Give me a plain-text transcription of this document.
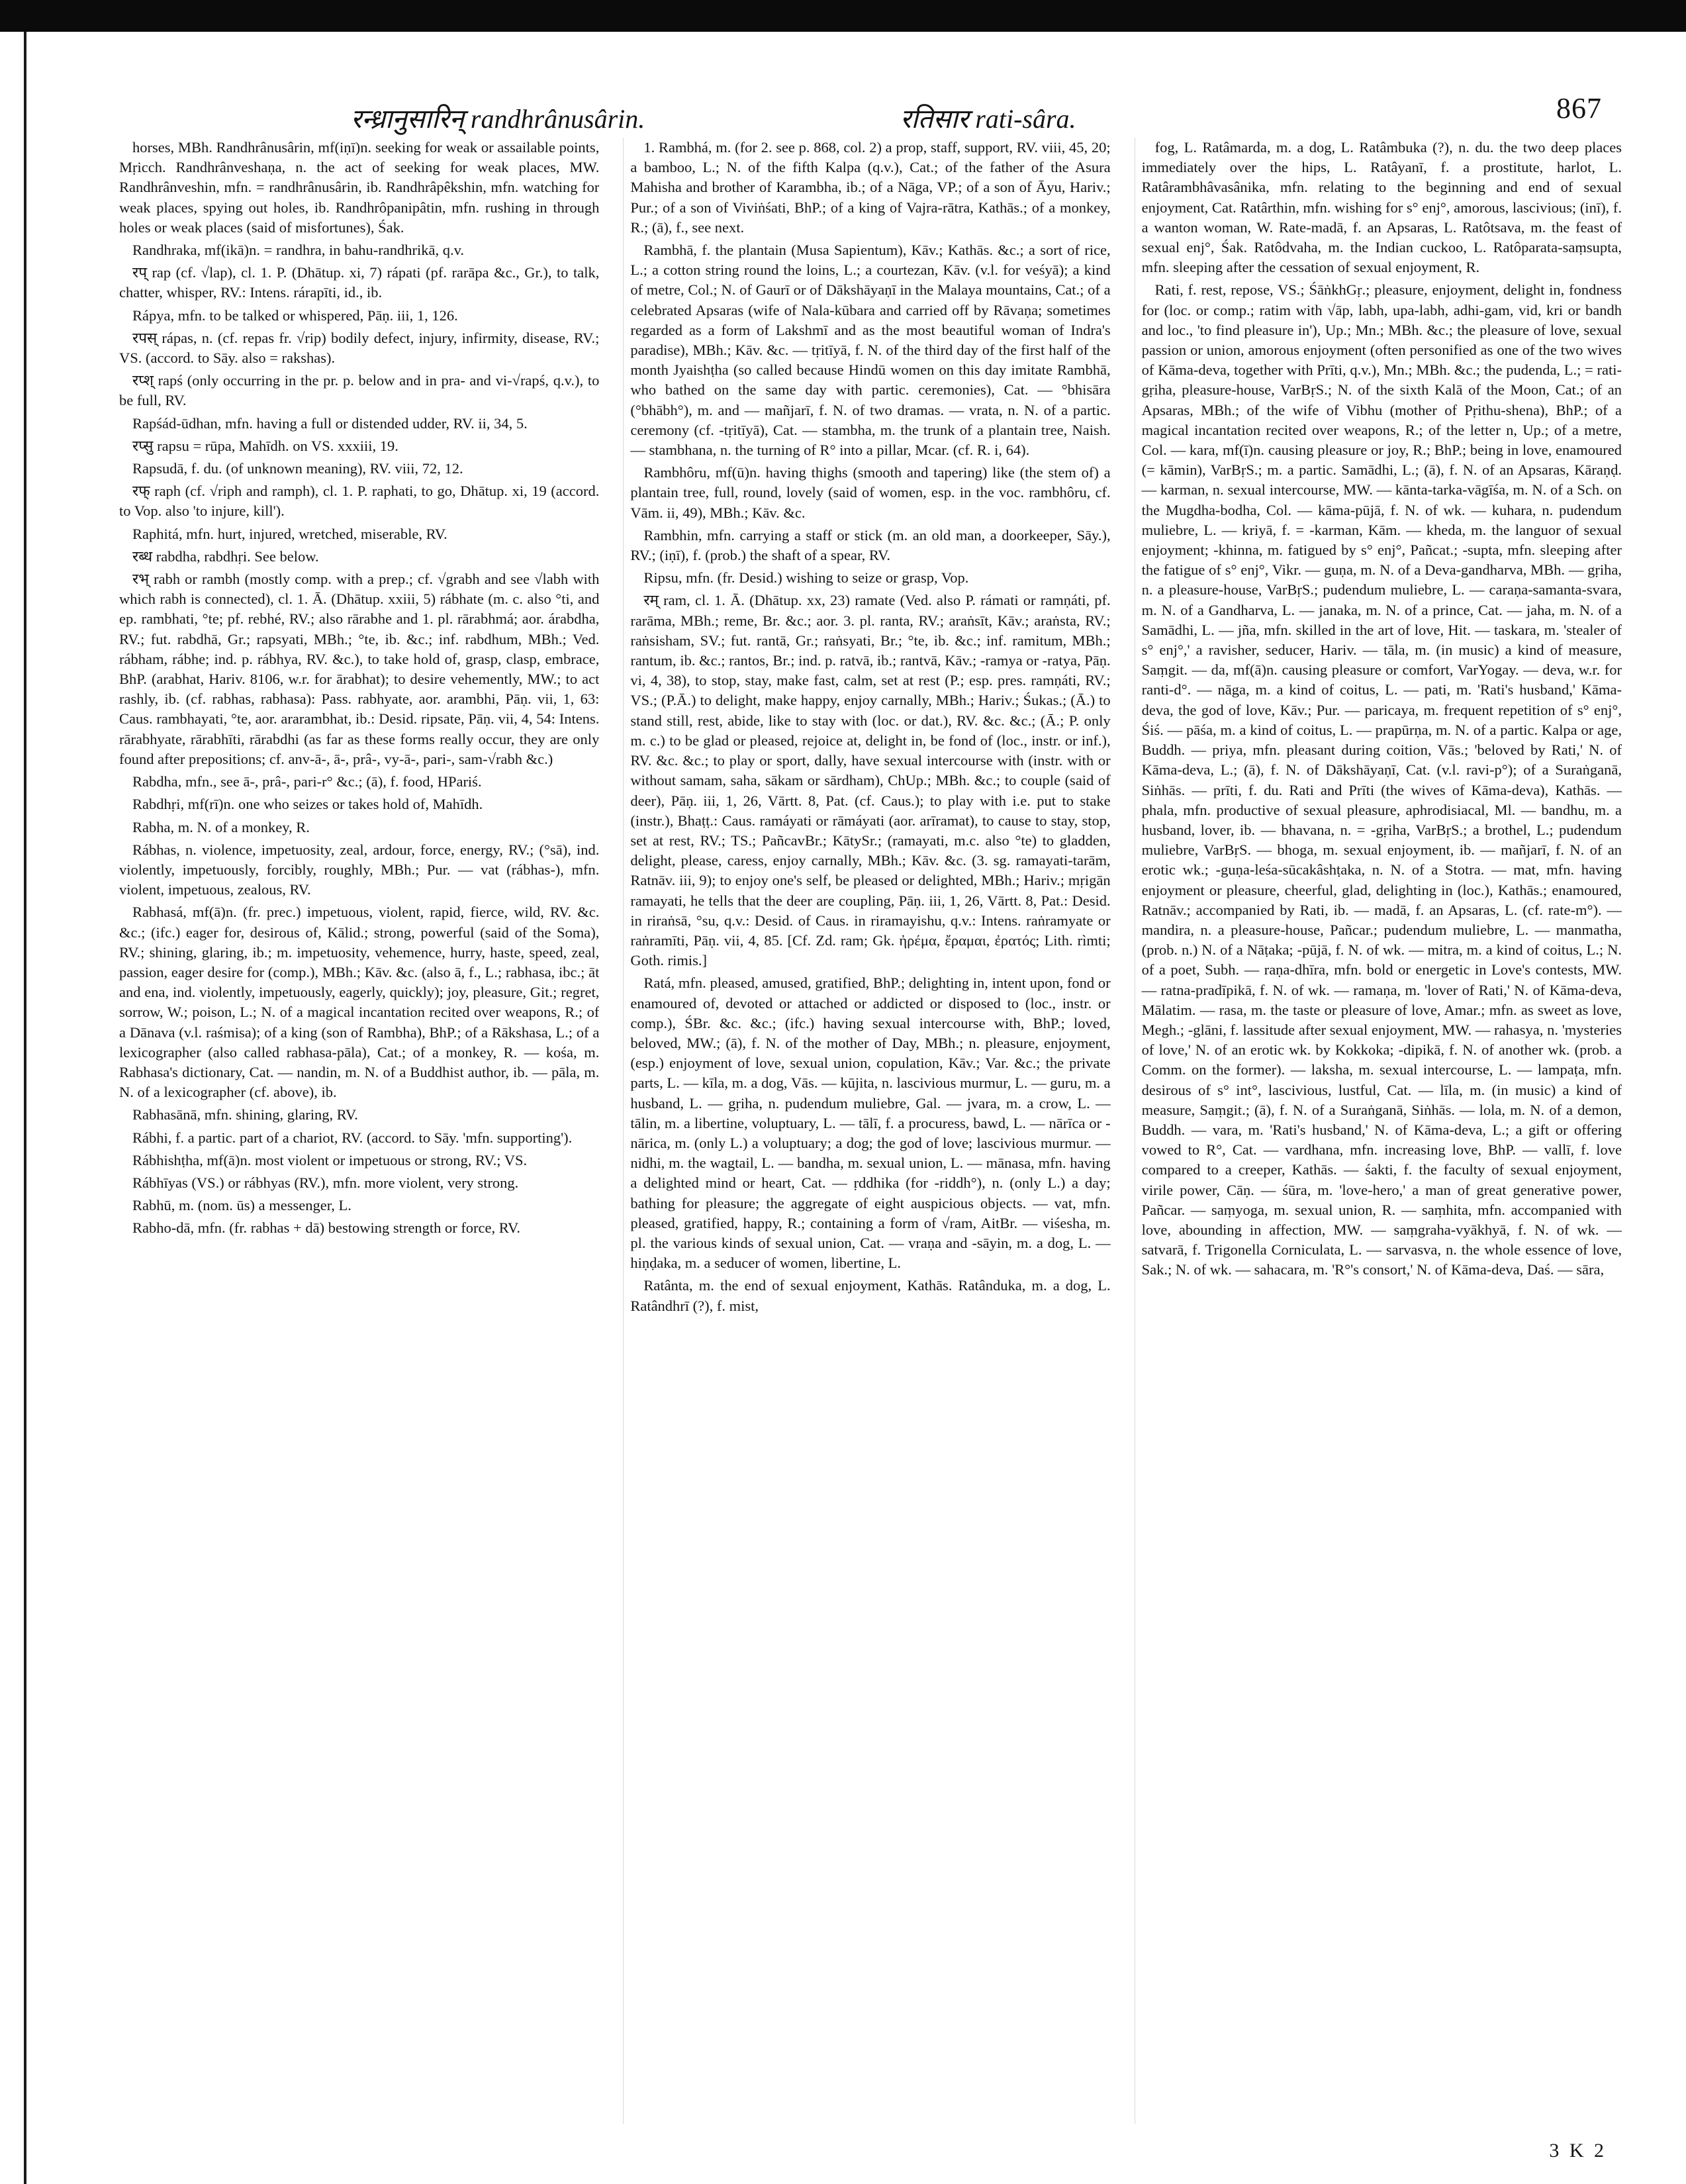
रन्ध्रानुसारिन् randhrânusârin.	रतिसार rati-sâra.	867

horses, MBh. Randhrânusârin, mf(iṇī)n. seeking for weak or assailable points, Mṛicch. Randhrânveshaṇa, n. the act of seeking for weak places, MW. Randhrânveshin, mfn. = randhrânusârin, ib. Randhrâpêkshin, mfn. watching for weak places, spying out holes, ib. Randhrôpanipâtin, mfn. rushing in through holes or weak places (said of misfortunes), Śak.

Randhraka, mf(ikā)n. = randhra, in bahu-randhrikā, q.v.

रप् rap (cf. √lap), cl. 1. P. (Dhātup. xi, 7) rápati (pf. rarāpa &c., Gr.), to talk, chatter, whisper, RV.: Intens. rárapīti, id., ib.

Rápya, mfn. to be talked or whispered, Pāṇ. iii, 1, 126.

रपस् rápas, n. (cf. repas fr. √rip) bodily defect, injury, infirmity, disease, RV.; VS. (accord. to Sāy. also = rakshas).

रप्श् rapś (only occurring in the pr. p. below and in pra- and vi-√rapś, q.v.), to be full, RV.

Rapśád-ūdhan, mfn. having a full or distended udder, RV. ii, 34, 5.

रप्सु rapsu = rūpa, Mahīdh. on VS. xxxiii, 19.

Rapsudā, f. du. (of unknown meaning), RV. viii, 72, 12.

रफ् raph (cf. √riph and ramph), cl. 1. P. raphati, to go, Dhātup. xi, 19 (accord. to Vop. also 'to injure, kill').

Raphitá, mfn. hurt, injured, wretched, miserable, RV.

रब्ध rabdha, rabdhṛi. See below.

रभ् rabh or rambh (mostly comp. with a prep.; cf. √grabh and see √labh with which rabh is connected), cl. 1. Ā. (Dhātup. xxiii, 5) rábhate (m. c. also °ti, and ep. rambhati, °te; pf. rebhé, RV.; also rārabhe and 1. pl. rārabhmá; aor. árabdha, RV.; fut. rabdhā, Gr.; rapsyati, MBh.; °te, ib. &c.; inf. rabdhum, MBh.; Ved. rábham, rábhe; ind. p. rábhya, RV. &c.), to take hold of, grasp, clasp, embrace, BhP. (arabhat, Hariv. 8106, w.r. for ārabhat); to desire vehemently, MW.; to act rashly, ib. (cf. rabhas, rabhasa): Pass. rabhyate, aor. arambhi, Pāṇ. vii, 1, 63: Caus. rambhayati, °te, aor. ararambhat, ib.: Desid. ripsate, Pāṇ. vii, 4, 54: Intens. rārabhyate, rārabhīti, rārabdhi (as far as these forms really occur, they are only found after prepositions; cf. anv-ā-, ā-, prâ-, vy-ā-, pari-, sam-√rabh &c.)

Rabdha, mfn., see ā-, prâ-, pari-r° &c.; (ā), f. food, HPariś.

Rabdhṛi, mf(rī)n. one who seizes or takes hold of, Mahīdh.

Rabha, m. N. of a monkey, R.

Rábhas, n. violence, impetuosity, zeal, ardour, force, energy, RV.; (°sā), ind. violently, impetuously, forcibly, roughly, MBh.; Pur. — vat (rábhas-), mfn. violent, impetuous, zealous, RV.

Rabhasá, mf(ā)n. (fr. prec.) impetuous, violent, rapid, fierce, wild, RV. &c. &c.; (ifc.) eager for, desirous of, Kālid.; strong, powerful (said of the Soma), RV.; shining, glaring, ib.; m. impetuosity, vehemence, hurry, haste, speed, zeal, passion, eager desire for (comp.), MBh.; Kāv. &c. (also ā, f., L.; rabhasa, ibc.; āt and ena, ind. violently, impetuously, eagerly, quickly); joy, pleasure, Git.; regret, sorrow, W.; poison, L.; N. of a magical incantation recited over weapons, R.; of a Dānava (v.l. raśmisa); of a king (son of Rambha), BhP.; of a Rākshasa, L.; of a lexicographer (also called rabhasa-pāla), Cat.; of a monkey, R. — kośa, m. Rabhasa's dictionary, Cat. — nandin, m. N. of a Buddhist author, ib. — pāla, m. N. of a lexicographer (cf. above), ib.

Rabhasānā, mfn. shining, glaring, RV.

Rábhi, f. a partic. part of a chariot, RV. (accord. to Sāy. 'mfn. supporting').

Rábhishṭha, mf(ā)n. most violent or impetuous or strong, RV.; VS.

Rábhīyas (VS.) or rábhyas (RV.), mfn. more violent, very strong.

Rabhū, m. (nom. ūs) a messenger, L.

Rabho-dā, mfn. (fr. rabhas + dā) bestowing strength or force, RV.

1. Rambhá, m. (for 2. see p. 868, col. 2) a prop, staff, support, RV. viii, 45, 20; a bamboo, L.; N. of the fifth Kalpa (q.v.), Cat.; of the father of the Asura Mahisha and brother of Karambha, ib.; of a Nāga, VP.; of a son of Āyu, Hariv.; Pur.; of a son of Viviṅśati, BhP.; of a king of Vajra-rātra, Kathās.; of a monkey, R.; (ā), f., see next.

Rambhā, f. the plantain (Musa Sapientum), Kāv.; Kathās. &c.; a sort of rice, L.; a cotton string round the loins, L.; a courtezan, Kāv. (v.l. for veśyā); a kind of metre, Col.; N. of Gaurī or of Dākshāyaṇī in the Malaya mountains, Cat.; of a celebrated Apsaras (wife of Nala-kūbara and carried off by Rāvaṇa; sometimes regarded as a form of Lakshmī and as the most beautiful woman of Indra's paradise), MBh.; Kāv. &c. — tṛitīyā, f. N. of the third day of the first half of the month Jyaishṭha (so called because Hindū women on this day imitate Rambhā, who bathed on the same day with partic. ceremonies), Cat. — °bhisāra (°bhābh°), m. and — mañjarī, f. N. of two dramas. — vrata, n. N. of a partic. ceremony (cf. -tṛitīyā), Cat. — stambha, m. the trunk of a plantain tree, Naish. — stambhana, n. the turning of R° into a pillar, Mcar. (cf. R. i, 64).

Rambhôru, mf(ū)n. having thighs (smooth and tapering) like (the stem of) a plantain tree, full, round, lovely (said of women, esp. in the voc. rambhôru, cf. Vām. ii, 49), MBh.; Kāv. &c.

Rambhin, mfn. carrying a staff or stick (m. an old man, a doorkeeper, Sāy.), RV.; (iṇī), f. (prob.) the shaft of a spear, RV.

Ripsu, mfn. (fr. Desid.) wishing to seize or grasp, Vop.

रम् ram, cl. 1. Ā. (Dhātup. xx, 23) ramate (Ved. also P. rámati or ramṇáti, pf. rarāma, MBh.; reme, Br. &c.; aor. 3. pl. ranta, RV.; araṅsīt, Kāv.; araṅsta, RV.; raṅsisham, SV.; fut. rantā, Gr.; raṅsyati, Br.; °te, ib. &c.; inf. ramitum, MBh.; rantum, ib. &c.; rantos, Br.; ind. p. ratvā, ib.; rantvā, Kāv.; -ramya or -ratya, Pāṇ. vi, 4, 38), to stop, stay, make fast, calm, set at rest (P.; esp. pres. ramṇáti, RV.; VS.; (P.Ā.) to delight, make happy, enjoy carnally, MBh.; Hariv.; Śukas.; (Ā.) to stand still, rest, abide, like to stay with (loc. or dat.), RV. &c. &c.; (Ā.; P. only m. c.) to be glad or pleased, rejoice at, delight in, be fond of (loc., instr. or inf.), RV. &c. &c.; to play or sport, dally, have sexual intercourse with (instr. with or without samam, saha, sākam or sārdham), ChUp.; MBh. &c.; to couple (said of deer), Pāṇ. iii, 1, 26, Vārtt. 8, Pat. (cf. Caus.); to play with i.e. put to stake (instr.), Bhaṭṭ.: Caus. ramáyati or rāmáyati (aor. arīramat), to cause to stay, stop, set at rest, RV.; TS.; PañcavBr.; KātySr.; (ramayati, m.c. also °te) to gladden, delight, please, caress, enjoy carnally, MBh.; Kāv. &c. (3. sg. ramayati-tarām, Ratnāv. iii, 9); to enjoy one's self, be pleased or delighted, MBh.; Hariv.; mṛigān ramayati, he tells that the deer are coupling, Pāṇ. iii, 1, 26, Vārtt. 8, Pat.: Desid. in riraṅsā, °su, q.v.: Desid. of Caus. in riramayishu, q.v.: Intens. raṅramyate or raṅramīti, Pāṇ. vii, 4, 85. [Cf. Zd. ram; Gk. ἠρέμα, ἔραμαι, ἐρατός; Lith. rìmti; Goth. rimis.]

Ratá, mfn. pleased, amused, gratified, BhP.; delighting in, intent upon, fond or enamoured of, devoted or attached or addicted or disposed to (loc., instr. or comp.), ŚBr. &c. &c.; (ifc.) having sexual intercourse with, BhP.; loved, beloved, MW.; (ā), f. N. of the mother of Day, MBh.; n. pleasure, enjoyment, (esp.) enjoyment of love, sexual union, copulation, Kāv.; Var. &c.; the private parts, L. — kīla, m. a dog, Vās. — kūjita, n. lascivious murmur, L. — guru, m. a husband, L. — gṛiha, n. pudendum muliebre, Gal. — jvara, m. a crow, L. — tālin, m. a libertine, voluptuary, L. — tālī, f. a procuress, bawd, L. — nārīca or -nārica, m. (only L.) a voluptuary; a dog; the god of love; lascivious murmur. — nidhi, m. the wagtail, L. — bandha, m. sexual union, L. — mānasa, mfn. having a delighted mind or heart, Cat. — ṛddhika (for -riddh°), n. (only L.) a day; bathing for pleasure; the aggregate of eight auspicious objects. — vat, mfn. pleased, gratified, happy, R.; containing a form of √ram, AitBr. — viśesha, m. pl. the various kinds of sexual union, Cat. — vraṇa and -sāyin, m. a dog, L. — hiṇḍaka, m. a seducer of women, libertine, L.

Ratânta, m. the end of sexual enjoyment, Kathās. Ratânduka, m. a dog, L. Ratândhrī (?), f. mist,

fog, L. Ratâmarda, m. a dog, L. Ratâmbuka (?), n. du. the two deep places immediately over the hips, L. Ratâyanī, f. a prostitute, harlot, L. Ratârambhâvasânika, mfn. relating to the beginning and end of sexual enjoyment, Cat. Ratârthin, mfn. wishing for s° enj°, amorous, lascivious; (inī), f. a wanton woman, W. Rate-madā, f. an Apsaras, L. Ratôtsava, m. the feast of sexual enj°, Śak. Ratôdvaha, m. the Indian cuckoo, L. Ratôparata-saṃsupta, mfn. sleeping after the cessation of sexual enjoyment, R.

Rati, f. rest, repose, VS.; ŚāṅkhGṛ.; pleasure, enjoyment, delight in, fondness for (loc. or comp.; ratim with √āp, labh, upa-labh, adhi-gam, vid, kri or bandh and loc., 'to find pleasure in'), Up.; Mn.; MBh. &c.; the pleasure of love, sexual passion or union, amorous enjoyment (often personified as one of the two wives of Kāma-deva, together with Prīti, q.v.), Mn.; MBh. &c.; the pudenda, L.; = rati-gṛiha, pleasure-house, VarBṛS.; N. of the sixth Kalā of the Moon, Cat.; of an Apsaras, MBh.; of the wife of Vibhu (mother of Pṛithu-shena), BhP.; of a magical incantation recited over weapons, R.; of the letter n, Up.; of a metre, Col. — kara, mf(ī)n. causing pleasure or joy, R.; BhP.; being in love, enamoured (= kāmin), VarBṛS.; m. a partic. Samādhi, L.; (ā), f. N. of an Apsaras, Kāraṇḍ. — karman, n. sexual intercourse, MW. — kānta-tarka-vāgīśa, m. N. of a Sch. on the Mugdha-bodha, Col. — kāma-pūjā, f. N. of wk. — kuhara, n. pudendum muliebre, L. — kriyā, f. = -karman, Kām. — kheda, m. the languor of sexual enjoyment; -khinna, m. fatigued by s° enj°, Pañcat.; -supta, mfn. sleeping after the fatigue of s° enj°, Vikr. — guṇa, m. N. of a Deva-gandharva, MBh. — gṛiha, n. a pleasure-house, VarBṛS.; pudendum muliebre, L. — caraṇa-samanta-svara, m. N. of a Gandharva, L. — janaka, m. N. of a prince, Cat. — jaha, m. N. of a Samādhi, L. — jña, mfn. skilled in the art of love, Hit. — taskara, m. 'stealer of s° enj°,' a ravisher, seducer, Hariv. — tāla, m. (in music) a kind of measure, Saṃgit. — da, mf(ā)n. causing pleasure or comfort, VarYogay. — deva, w.r. for ranti-d°. — nāga, m. a kind of coitus, L. — pati, m. 'Rati's husband,' Kāma-deva, the god of love, Kāv.; Pur. — paricaya, m. frequent repetition of s° enj°, Śiś. — pāśa, m. a kind of coitus, L. — prapūrṇa, m. N. of a partic. Kalpa or age, Buddh. — priya, mfn. pleasant during coition, Vās.; 'beloved by Rati,' N. of Kāma-deva, L.; (ā), f. N. of Dākshāyaṇī, Cat. (v.l. ravi-p°); of a Suraṅganā, Siṅhās. — prīti, f. du. Rati and Prīti (the wives of Kāma-deva), Kathās. — phala, mfn. productive of sexual pleasure, aphrodisiacal, Ml. — bandhu, m. a husband, lover, ib. — bhavana, n. = -gṛiha, VarBṛS.; a brothel, L.; pudendum muliebre, VarBṛS. — bhoga, m. sexual enjoyment, ib. — mañjarī, f. N. of an erotic wk.; -guṇa-leśa-sūcakâshṭaka, n. N. of a Stotra. — mat, mfn. having enjoyment or pleasure, cheerful, glad, delighting in (loc.), Kathās.; enamoured, Ratnāv.; accompanied by Rati, ib. — madā, f. an Apsaras, L. (cf. rate-m°). — mandira, n. a pleasure-house, Pañcar.; pudendum muliebre, L. — manmatha, (prob. n.) N. of a Nāṭaka; -pūjā, f. N. of wk. — mitra, m. a kind of coitus, L.; N. of a poet, Subh. — raṇa-dhīra, mfn. bold or energetic in Love's contests, MW. — ratna-pradīpikā, f. N. of wk. — ramaṇa, m. 'lover of Rati,' N. of Kāma-deva, Mālatim. — rasa, m. the taste or pleasure of love, Amar.; mfn. as sweet as love, Megh.; -glāni, f. lassitude after sexual enjoyment, MW. — rahasya, n. 'mysteries of love,' N. of an erotic wk. by Kokkoka; -dipikā, f. N. of another wk. (prob. a Comm. on the former). — laksha, m. sexual intercourse, L. — lampaṭa, mfn. desirous of s° int°, lascivious, lustful, Cat. — līla, m. (in music) a kind of measure, Saṃgit.; (ā), f. N. of a Suraṅganā, Siṅhās. — lola, m. N. of a demon, Buddh. — vara, m. 'Rati's husband,' N. of Kāma-deva, L.; a gift or offering vowed to R°, Cat. — vardhana, mfn. increasing love, BhP. — vallī, f. love compared to a creeper, Kathās. — śakti, f. the faculty of sexual enjoyment, virile power, Cāṇ. — śūra, m. 'love-hero,' a man of great generative power, Pañcar. — saṃyoga, m. sexual union, R. — saṃhita, mfn. accompanied with love, abounding in affection, MW. — saṃgraha-vyākhyā, f. N. of wk. — satvarā, f. Trigonella Corniculata, L. — sarvasva, n. the whole essence of love, Sak.; N. of wk. — sahacara, m. 'R°'s consort,' N. of Kāma-deva, Daś. — sāra,

3 K 2
